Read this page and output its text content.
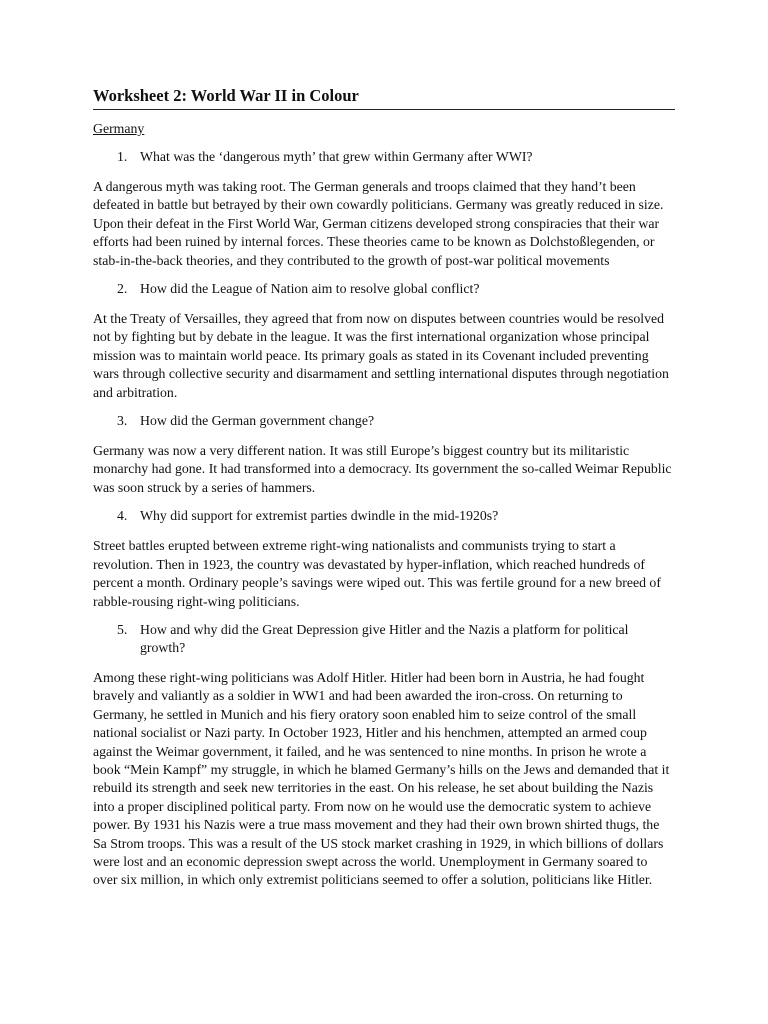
Worksheet 2: World War II in Colour
Germany
1. What was the ‘dangerous myth’ that grew within Germany after WWI?

A dangerous myth was taking root. The German generals and troops claimed that they hand’t been defeated in battle but betrayed by their own cowardly politicians. Germany was greatly reduced in size. Upon their defeat in the First World War, German citizens developed strong conspiracies that their war efforts had been ruined by internal forces. These theories came to be known as Dolchstoßlegenden, or stab-in-the-back theories, and they contributed to the growth of post-war political movements

2. How did the League of Nation aim to resolve global conflict?

At the Treaty of Versailles, they agreed that from now on disputes between countries would be resolved not by fighting but by debate in the league. It was the first international organization whose principal mission was to maintain world peace. Its primary goals as stated in its Covenant included preventing wars through collective security and disarmament and settling international disputes through negotiation and arbitration.

3. How did the German government change?

Germany was now a very different nation. It was still Europe’s biggest country but its militaristic monarchy had gone. It had transformed into a democracy. Its government the so-called Weimar Republic was soon struck by a series of hammers.

4. Why did support for extremist parties dwindle in the mid-1920s?

Street battles erupted between extreme right-wing nationalists and communists trying to start a revolution. Then in 1923, the country was devastated by hyper-inflation, which reached hundreds of percent a month. Ordinary people’s savings were wiped out. This was fertile ground for a new breed of rabble-rousing right-wing politicians.

5. How and why did the Great Depression give Hitler and the Nazis a platform for political growth?

Among these right-wing politicians was Adolf Hitler. Hitler had been born in Austria, he had fought bravely and valiantly as a soldier in WW1 and had been awarded the iron-cross. On returning to Germany, he settled in Munich and his fiery oratory soon enabled him to seize control of the small national socialist or Nazi party. In October 1923, Hitler and his henchmen, attempted an armed coup against the Weimar government, it failed, and he was sentenced to nine months. In prison he wrote a book “Mein Kampf” my struggle, in which he blamed Germany’s hills on the Jews and demanded that it rebuild its strength and seek new territories in the east. On his release, he set about building the Nazis into a proper disciplined political party. From now on he would use the democratic system to achieve power. By 1931 his Nazis were a true mass movement and they had their own brown shirted thugs, the Sa Strom troops. This was a result of the US stock market crashing in 1929, in which billions of dollars were lost and an economic depression swept across the world. Unemployment in Germany soared to over six million, in which only extremist politicians seemed to offer a solution, politicians like Hitler.
